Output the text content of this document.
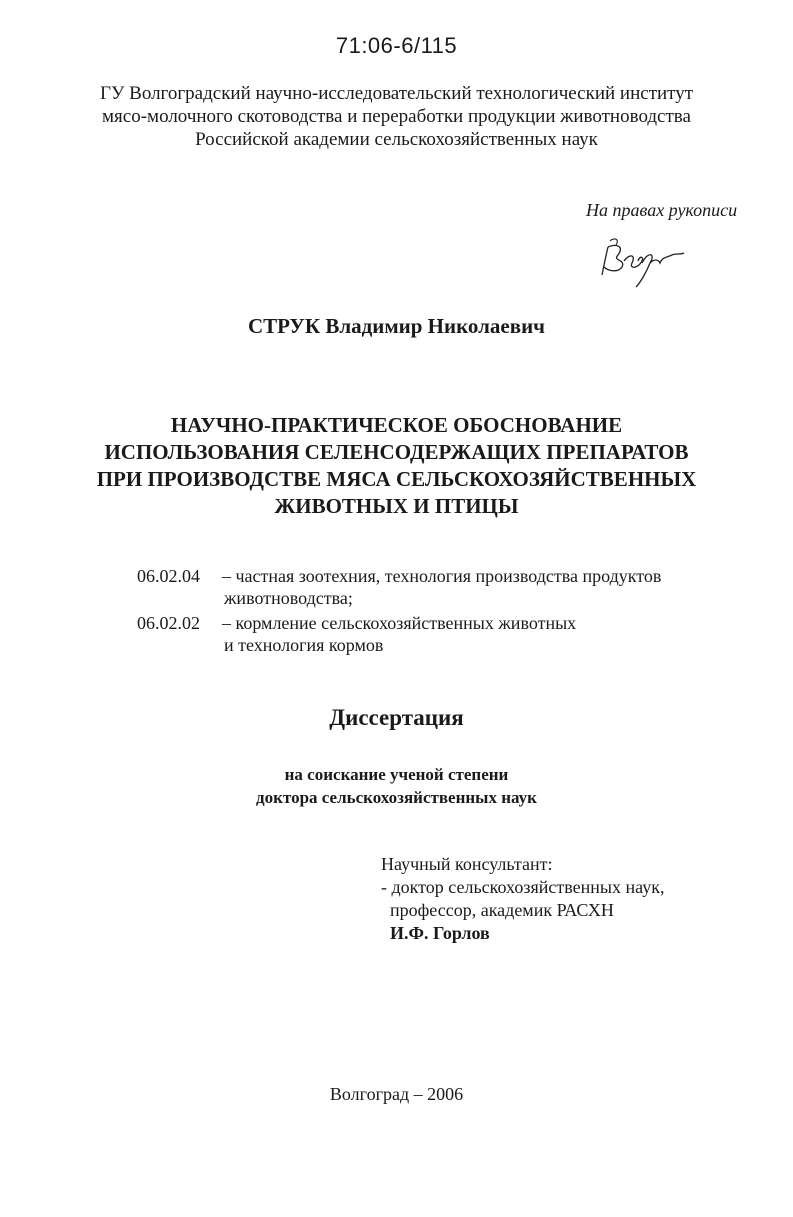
71:06-6/115
ГУ Волгоградский научно-исследовательский технологический институт
мясо-молочного скотоводства и переработки продукции животноводства
Российской академии сельскохозяйственных наук
На правах рукописи
СТРУК Владимир Николаевич
НАУЧНО-ПРАКТИЧЕСКОЕ ОБОСНОВАНИЕ
ИСПОЛЬЗОВАНИЯ СЕЛЕНСОДЕРЖАЩИХ ПРЕПАРАТОВ
ПРИ ПРОИЗВОДСТВЕ МЯСА СЕЛЬСКОХОЗЯЙСТВЕННЫХ
ЖИВОТНЫХ И ПТИЦЫ
06.02.04 – частная зоотехния, технология производства продуктов
животноводства;
06.02.02 – кормление сельскохозяйственных животных
и технология кормов
Диссертация
на соискание ученой степени
доктора сельскохозяйственных наук
Научный консультант:
- доктор сельскохозяйственных наук,
профессор, академик РАСХН
И.Ф. Горлов
Волгоград – 2006
